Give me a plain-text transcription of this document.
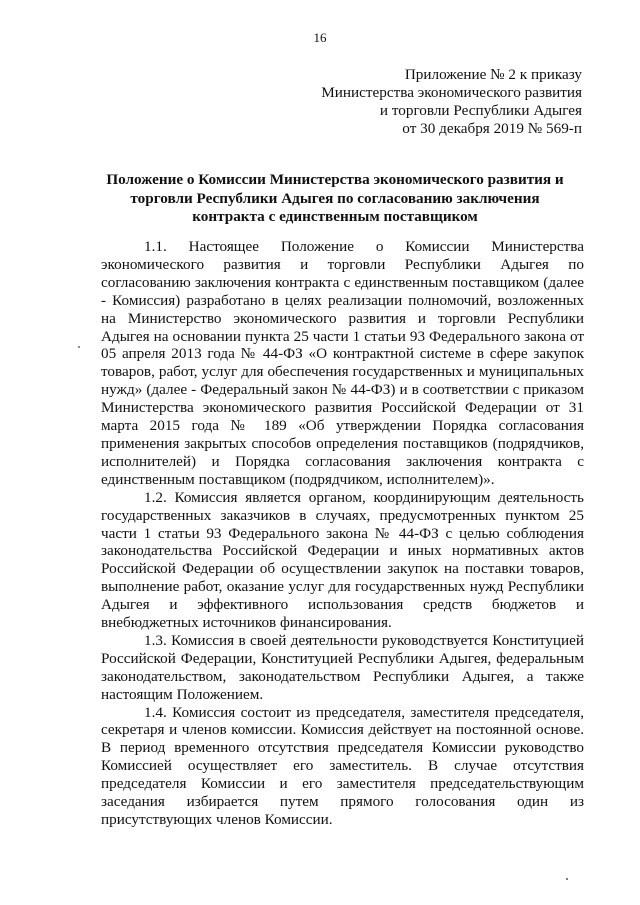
16
Приложение № 2 к приказу
Министерства экономического развития
и торговли Республики Адыгея
от 30 декабря 2019 № 569-п
Положение о Комиссии Министерства экономического развития и
торговли Республики Адыгея по согласованию заключения
контракта с единственным поставщиком

1.1. Настоящее Положение о Комиссии Министерства экономического развития и торговли Республики Адыгея по согласованию заключения контракта с единственным поставщиком (далее - Комиссия) разработано в целях реализации полномочий, возложенных на Министерство экономического развития и торговли Республики Адыгея на основании пункта 25 части 1 статьи 93 Федерального закона от 05 апреля 2013 года № 44-ФЗ «О контрактной системе в сфере закупок товаров, работ, услуг для обеспечения государственных и муниципальных нужд» (далее - Федеральный закон № 44-ФЗ) и в соответствии с приказом Министерства экономического развития Российской Федерации от 31 марта 2015 года № 189 «Об утверждении Порядка согласования применения закрытых способов определения поставщиков (подрядчиков, исполнителей) и Порядка согласования заключения контракта с единственным поставщиком (подрядчиком, исполнителем)».

1.2. Комиссия является органом, координирующим деятельность государственных заказчиков в случаях, предусмотренных пунктом 25 части 1 статьи 93 Федерального закона № 44-ФЗ с целью соблюдения законодательства Российской Федерации и иных нормативных актов Российской Федерации об осуществлении закупок на поставки товаров, выполнение работ, оказание услуг для государственных нужд Республики Адыгея и эффективного использования средств бюджетов и внебюджетных источников финансирования.

1.3. Комиссия в своей деятельности руководствуется Конституцией Российской Федерации, Конституцией Республики Адыгея, федеральным законодательством, законодательством Республики Адыгея, а также настоящим Положением.

1.4. Комиссия состоит из председателя, заместителя председателя, секретаря и членов комиссии. Комиссия действует на постоянной основе. В период временного отсутствия председателя Комиссии руководство Комиссией осуществляет его заместитель. В случае отсутствия председателя Комиссии и его заместителя председательствующим заседания избирается путем прямого голосования один из присутствующих членов Комиссии.
